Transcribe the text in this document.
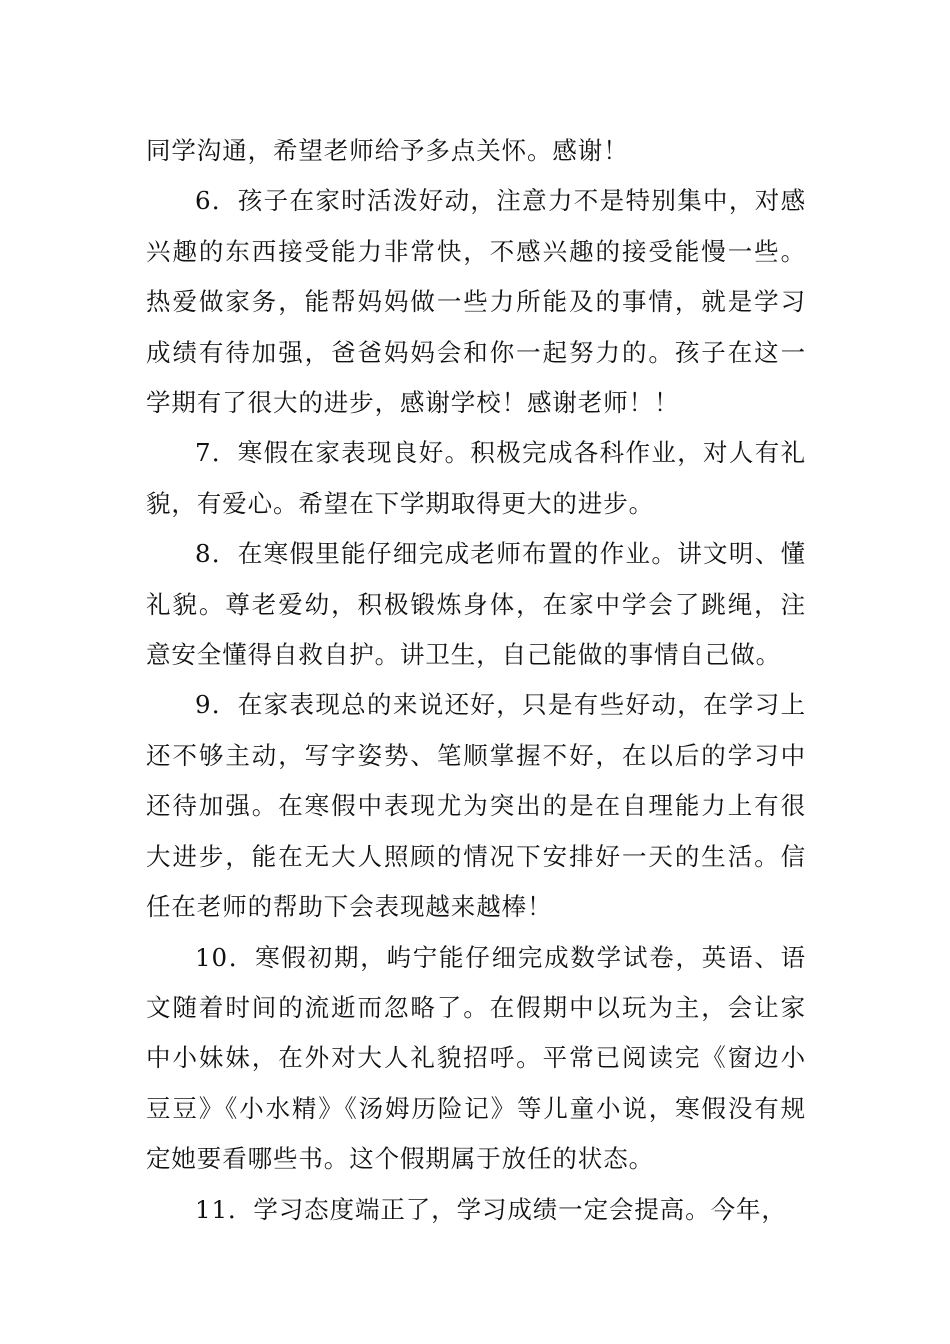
同学沟通，希望老师给予多点关怀。感谢！

6．孩子在家时活泼好动，注意力不是特别集中，对感兴趣的东西接受能力非常快，不感兴趣的接受能慢一些。热爱做家务，能帮妈妈做一些力所能及的事情，就是学习成绩有待加强，爸爸妈妈会和你一起努力的。孩子在这一学期有了很大的进步，感谢学校！感谢老师！！

7．寒假在家表现良好。积极完成各科作业，对人有礼貌，有爱心。希望在下学期取得更大的进步。

8．在寒假里能仔细完成老师布置的作业。讲文明、懂礼貌。尊老爱幼，积极锻炼身体，在家中学会了跳绳，注意安全懂得自救自护。讲卫生，自己能做的事情自己做。

9．在家表现总的来说还好，只是有些好动，在学习上还不够主动，写字姿势、笔顺掌握不好，在以后的学习中还待加强。在寒假中表现尤为突出的是在自理能力上有很大进步，能在无大人照顾的情况下安排好一天的生活。信任在老师的帮助下会表现越来越棒！

10．寒假初期，屿宁能仔细完成数学试卷，英语、语文随着时间的流逝而忽略了。在假期中以玩为主，会让家中小妹妹，在外对大人礼貌招呼。平常已阅读完《窗边小豆豆》《小水精》《汤姆历险记》等儿童小说，寒假没有规定她要看哪些书。这个假期属于放任的状态。

11．学习态度端正了，学习成绩一定会提高。今年，
